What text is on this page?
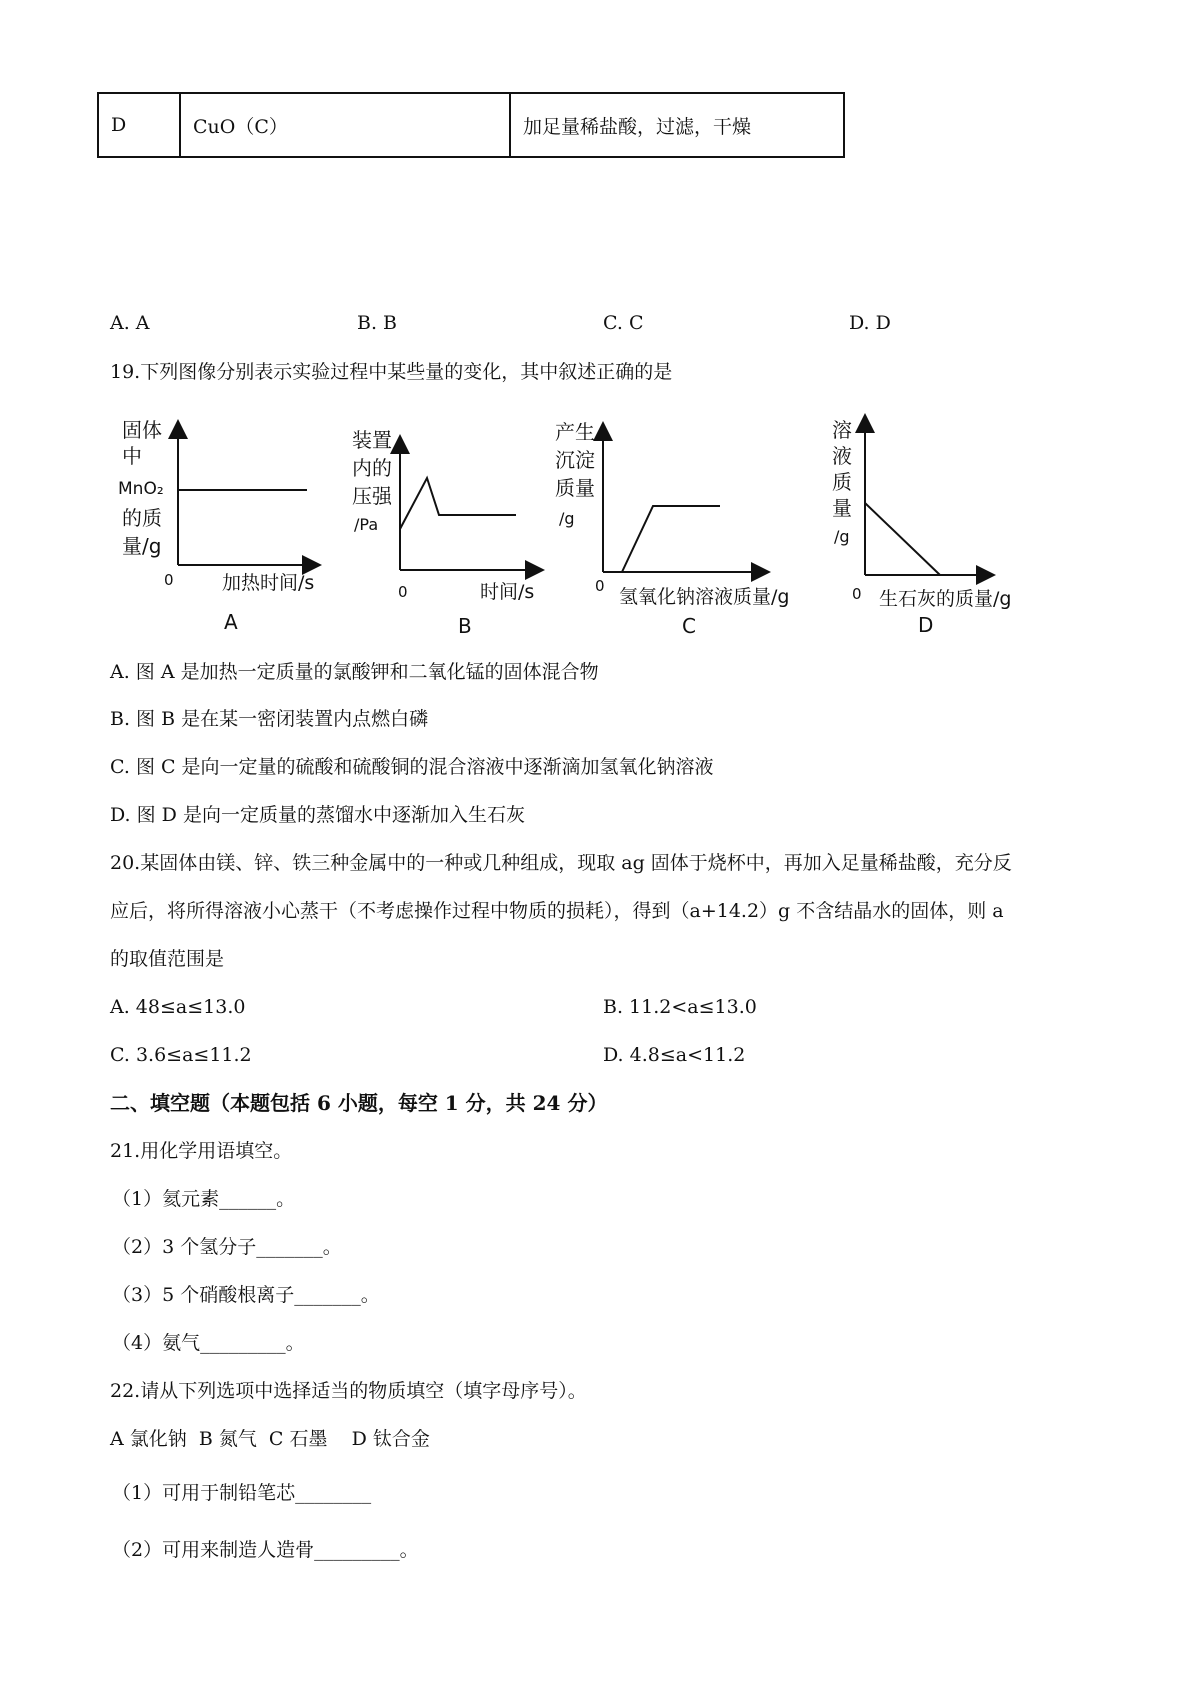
D	CuO（C）	加足量稀盐酸，过滤，干燥
A. A	B. B	C. C	D. D
19.下列图像分别表示实验过程中某些量的变化，其中叙述正确的是
固体
中
MnO₂
的质
量/g
0	加热时间/s
A
装置
内的
压强
/Pa
0	时间/s
B
产生
沉淀
质量
/g
0 氢氧化钠溶液质量/g
C
溶
液
质
量
/g
0 生石灰的质量/g
D
A. 图 A 是加热一定质量的氯酸钾和二氧化锰的固体混合物
B. 图 B 是在某一密闭装置内点燃白磷
C. 图 C 是向一定量的硫酸和硫酸铜的混合溶液中逐渐滴加氢氧化钠溶液
D. 图 D 是向一定质量的蒸馏水中逐渐加入生石灰
20.某固体由镁、锌、铁三种金属中的一种或几种组成，现取 ag 固体于烧杯中，再加入足量稀盐酸，充分反
应后，将所得溶液小心蒸干（不考虑操作过程中物质的损耗），得到（a+14.2）g 不含结晶水的固体，则 a
的取值范围是
A. 48≤a≤13.0	B. 11.2<a≤13.0
C. 3.6≤a≤11.2	D. 4.8≤a<11.2
二、填空题（本题包括 6 小题，每空 1 分，共 24 分）
21.用化学用语填空。
（1）氦元素______。
（2）3 个氢分子_______。
（3）5 个硝酸根离子_______。
（4）氨气_________。
22.请从下列选项中选择适当的物质填空（填字母序号）。
A 氯化钠  B 氮气  C 石墨    D 钛合金
（1）可用于制铅笔芯________
（2）可用来制造人造骨_________。
